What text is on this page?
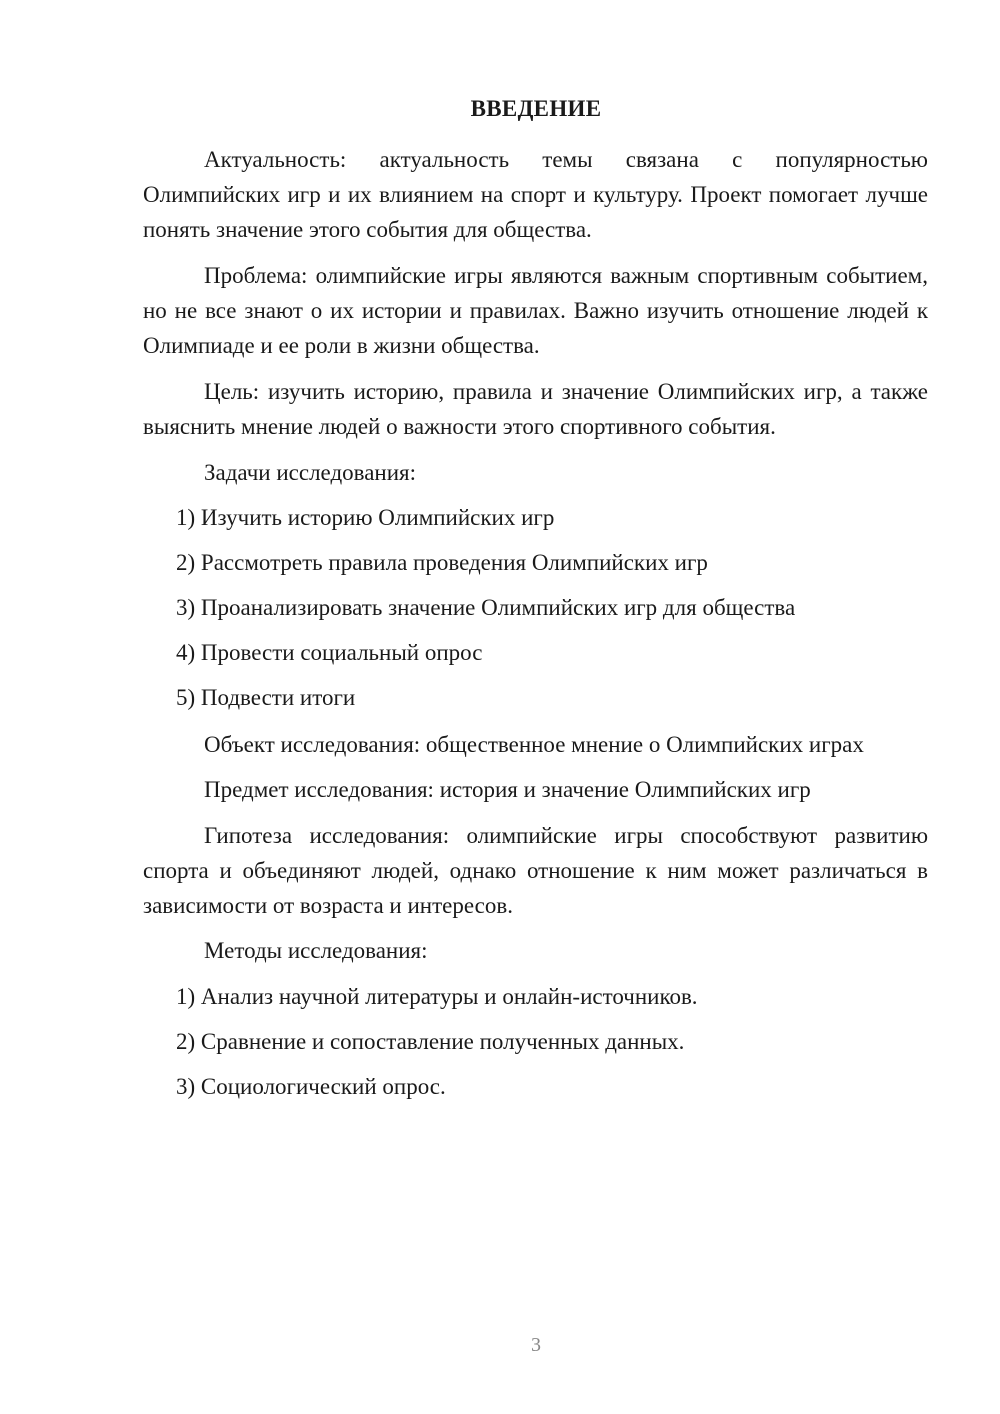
ВВЕДЕНИЕ

Актуальность: актуальность темы связана с популярностью Олимпийских игр и их влиянием на спорт и культуру. Проект помогает лучше понять значение этого события для общества.

Проблема: олимпийские игры являются важным спортивным событием, но не все знают о их истории и правилах. Важно изучить отношение людей к Олимпиаде и ее роли в жизни общества.

Цель: изучить историю, правила и значение Олимпийских игр, а также выяснить мнение людей о важности этого спортивного события.

Задачи исследования:
1) Изучить историю Олимпийских игр
2) Рассмотреть правила проведения Олимпийских игр
3) Проанализировать значение Олимпийских игр для общества
4) Провести социальный опрос
5) Подвести итоги
Объект исследования: общественное мнение о Олимпийских играх
Предмет исследования: история и значение Олимпийских игр

Гипотеза исследования: олимпийские игры способствуют развитию спорта и объединяют людей, однако отношение к ним может различаться в зависимости от возраста и интересов.

Методы исследования:
1) Анализ научной литературы и онлайн-источников.
2) Сравнение и сопоставление полученных данных.
3) Социологический опрос.
3
